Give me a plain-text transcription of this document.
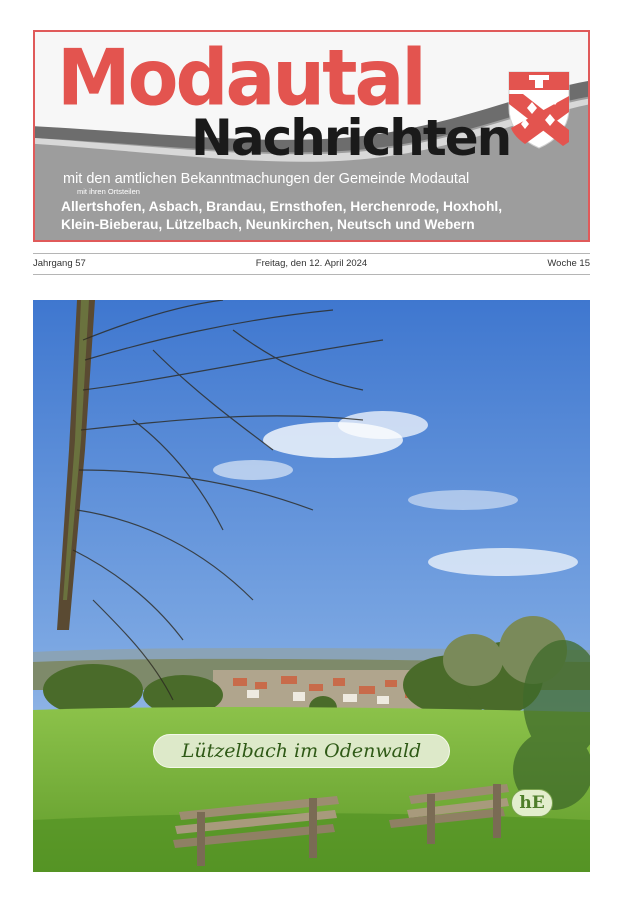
Modautal
Nachrichten
mit den amtlichen Bekanntmachungen der Gemeinde Modautal
mit ihren Ortsteilen
Allertshofen, Asbach, Brandau, Ernsthofen, Herchenrode, Hoxhohl,
Klein-Bieberau, Lützelbach, Neunkirchen, Neutsch und Webern
Freitag, den 12. April 2024
Jahrgang 57	Woche 15
Lützelbach im Odenwald
hE
